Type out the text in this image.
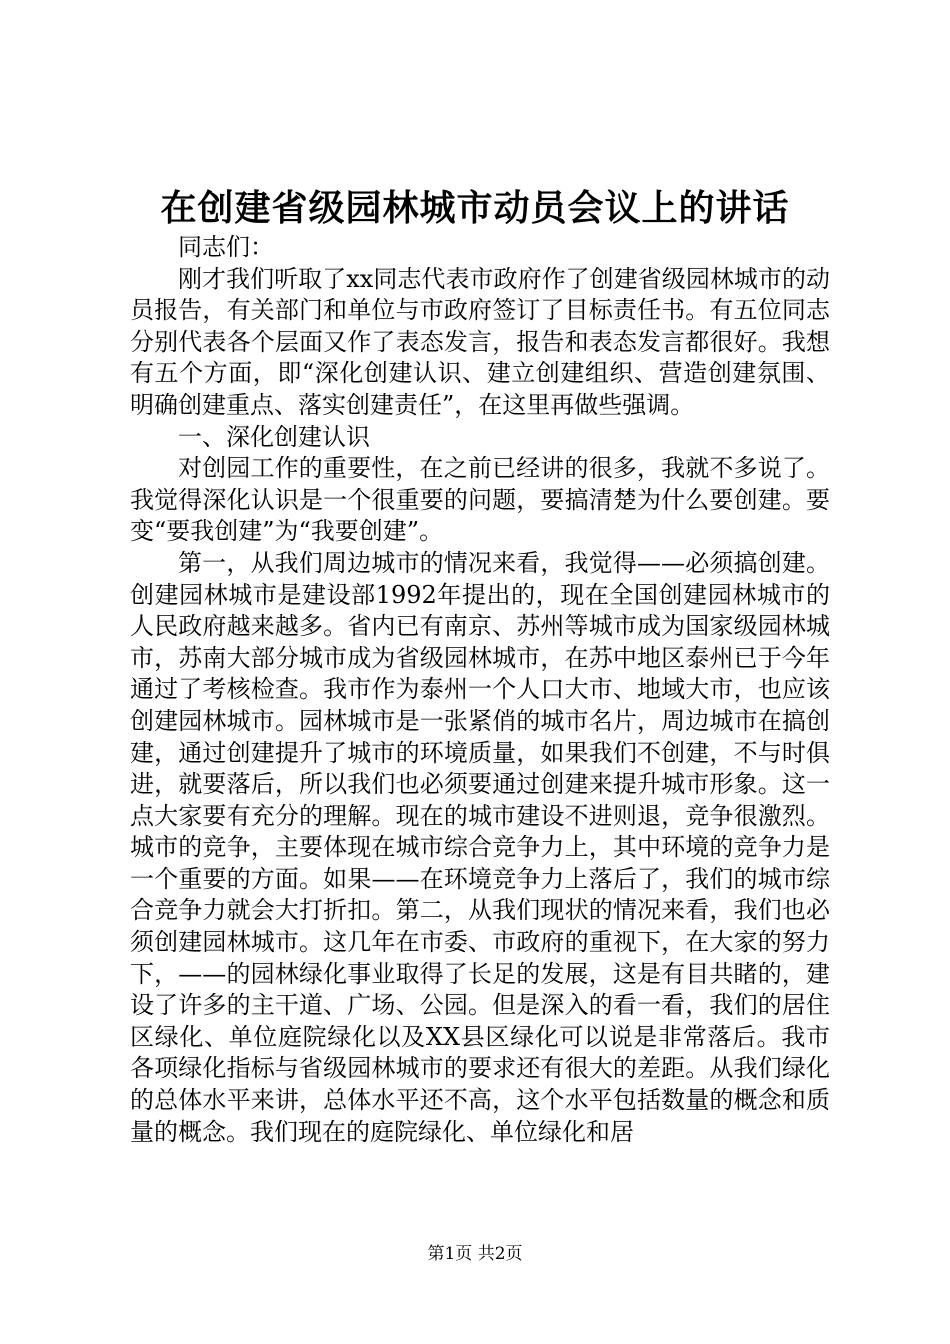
在创建省级园林城市动员会议上的讲话

同志们：

刚才我们听取了xx同志代表市政府作了创建省级园林城市的动员报告，有关部门和单位与市政府签订了目标责任书。有五位同志分别代表各个层面又作了表态发言，报告和表态发言都很好。我想有五个方面，即“深化创建认识、建立创建组织、营造创建氛围、明确创建重点、落实创建责任”，在这里再做些强调。

一、深化创建认识

对创园工作的重要性，在之前已经讲的很多，我就不多说了。我觉得深化认识是一个很重要的问题，要搞清楚为什么要创建。要变“要我创建”为“我要创建”。

第一，从我们周边城市的情况来看，我觉得——必须搞创建。创建园林城市是建设部1992年提出的，现在全国创建园林城市的人民政府越来越多。省内已有南京、苏州等城市成为国家级园林城市，苏南大部分城市成为省级园林城市，在苏中地区泰州已于今年通过了考核检查。我市作为泰州一个人口大市、地域大市，也应该创建园林城市。园林城市是一张紧俏的城市名片，周边城市在搞创建，通过创建提升了城市的环境质量，如果我们不创建，不与时俱进，就要落后，所以我们也必须要通过创建来提升城市形象。这一点大家要有充分的理解。现在的城市建设不进则退，竞争很激烈。城市的竞争，主要体现在城市综合竞争力上，其中环境的竞争力是一个重要的方面。如果——在环境竞争力上落后了，我们的城市综合竞争力就会大打折扣。第二，从我们现状的情况来看，我们也必须创建园林城市。这几年在市委、市政府的重视下，在大家的努力下，——的园林绿化事业取得了长足的发展，这是有目共睹的，建设了许多的主干道、广场、公园。但是深入的看一看，我们的居住区绿化、单位庭院绿化以及XX县区绿化可以说是非常落后。我市各项绿化指标与省级园林城市的要求还有很大的差距。从我们绿化的总体水平来讲，总体水平还不高，这个水平包括数量的概念和质量的概念。我们现在的庭院绿化、单位绿化和居

第1页 共2页
